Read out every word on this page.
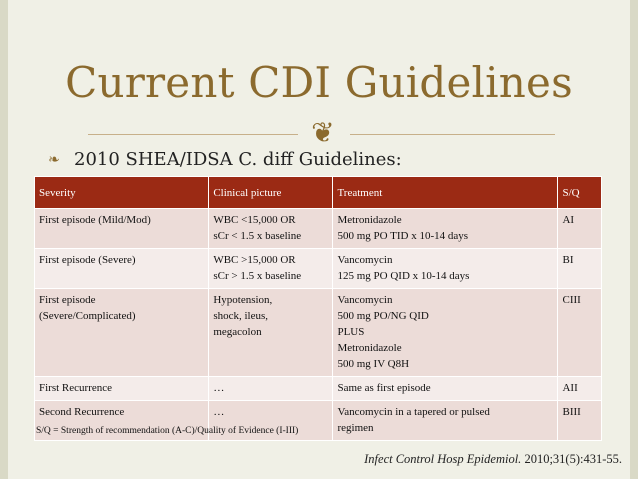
Current CDI Guidelines
❦
❧ 2010 SHEA/IDSA C. diff Guidelines:
Severity	Clinical picture	Treatment	S/Q

First episode (Mild/Mod)	WBC <15,000 OR
sCr < 1.5 x baseline	Metronidazole
500 mg PO TID x 10-14 days	AI

First episode (Severe)	WBC >15,000 OR
sCr > 1.5 x baseline	Vancomycin
125 mg PO QID x 10-14 days	BI

First episode
(Severe/Complicated)	Hypotension,
shock, ileus,
megacolon	Vancomycin
500 mg PO/NG QID
PLUS
Metronidazole
500 mg IV Q8H	CIII

First Recurrence	…	Same as first episode	AII

Second Recurrence	…	Vancomycin in a tapered or pulsed
regimen	BIII
S/Q = Strength of recommendation (A-C)/Quality of Evidence (I-III)
Infect Control Hosp Epidemiol. 2010;31(5):431-55.
